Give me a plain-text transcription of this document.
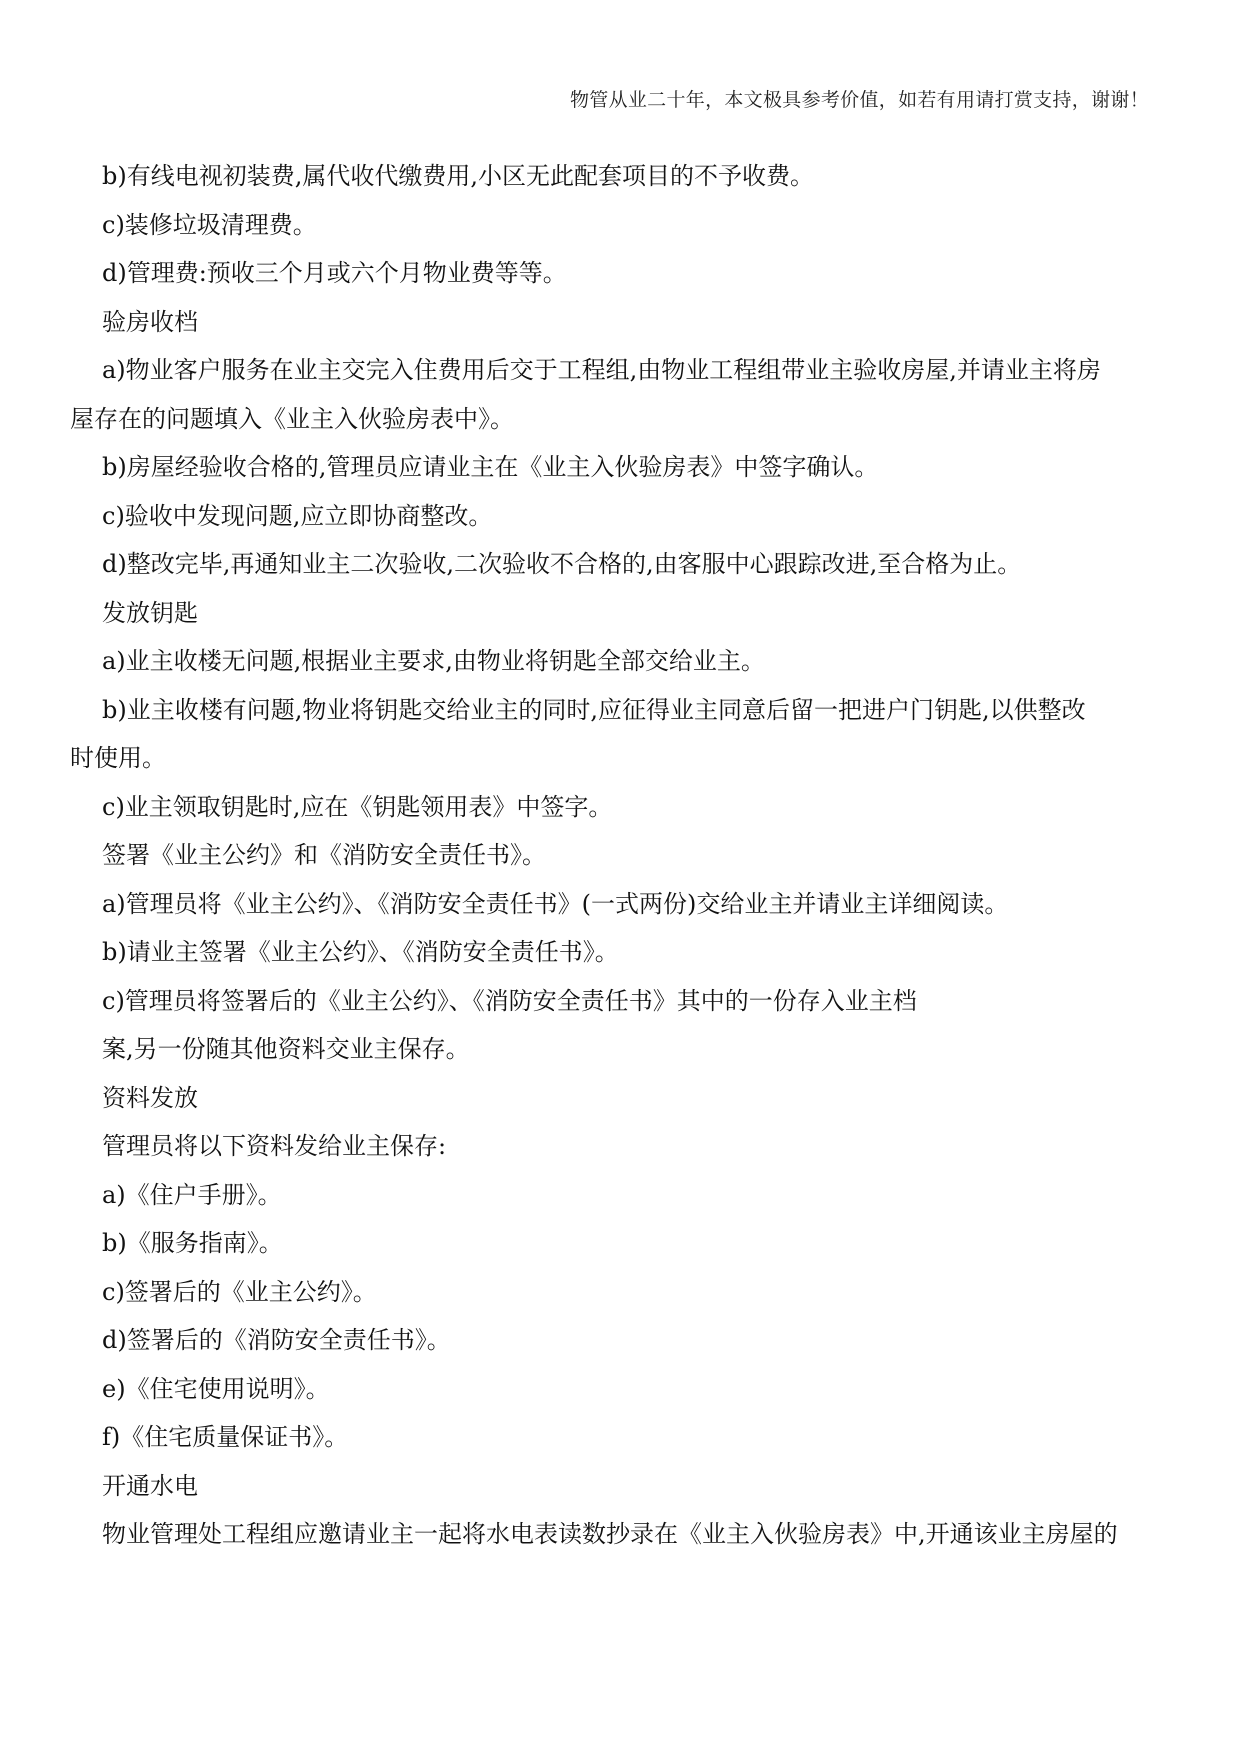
物管从业二十年，本文极具参考价值，如若有用请打赏支持，谢谢！
b)有线电视初装费,属代收代缴费用,小区无此配套项目的不予收费。
c)装修垃圾清理费。
d)管理费:预收三个月或六个月物业费等等。
验房收档
a)物业客户服务在业主交完入住费用后交于工程组,由物业工程组带业主验收房屋,并请业主将房
屋存在的问题填入《业主入伙验房表中》。
b)房屋经验收合格的,管理员应请业主在《业主入伙验房表》中签字确认。
c)验收中发现问题,应立即协商整改。
d)整改完毕,再通知业主二次验收,二次验收不合格的,由客服中心跟踪改进,至合格为止。
发放钥匙
a)业主收楼无问题,根据业主要求,由物业将钥匙全部交给业主。
b)业主收楼有问题,物业将钥匙交给业主的同时,应征得业主同意后留一把进户门钥匙,以供整改
时使用。
c)业主领取钥匙时,应在《钥匙领用表》中签字。
签署《业主公约》和《消防安全责任书》。
a)管理员将《业主公约》、《消防安全责任书》(一式两份)交给业主并请业主详细阅读。
b)请业主签署《业主公约》、《消防安全责任书》。
c)管理员将签署后的《业主公约》、《消防安全责任书》其中的一份存入业主档
案,另一份随其他资料交业主保存。
资料发放
管理员将以下资料发给业主保存:
a)《住户手册》。
b)《服务指南》。
c)签署后的《业主公约》。
d)签署后的《消防安全责任书》。
e)《住宅使用说明》。
f)《住宅质量保证书》。
开通水电
物业管理处工程组应邀请业主一起将水电表读数抄录在《业主入伙验房表》中,开通该业主房屋的
